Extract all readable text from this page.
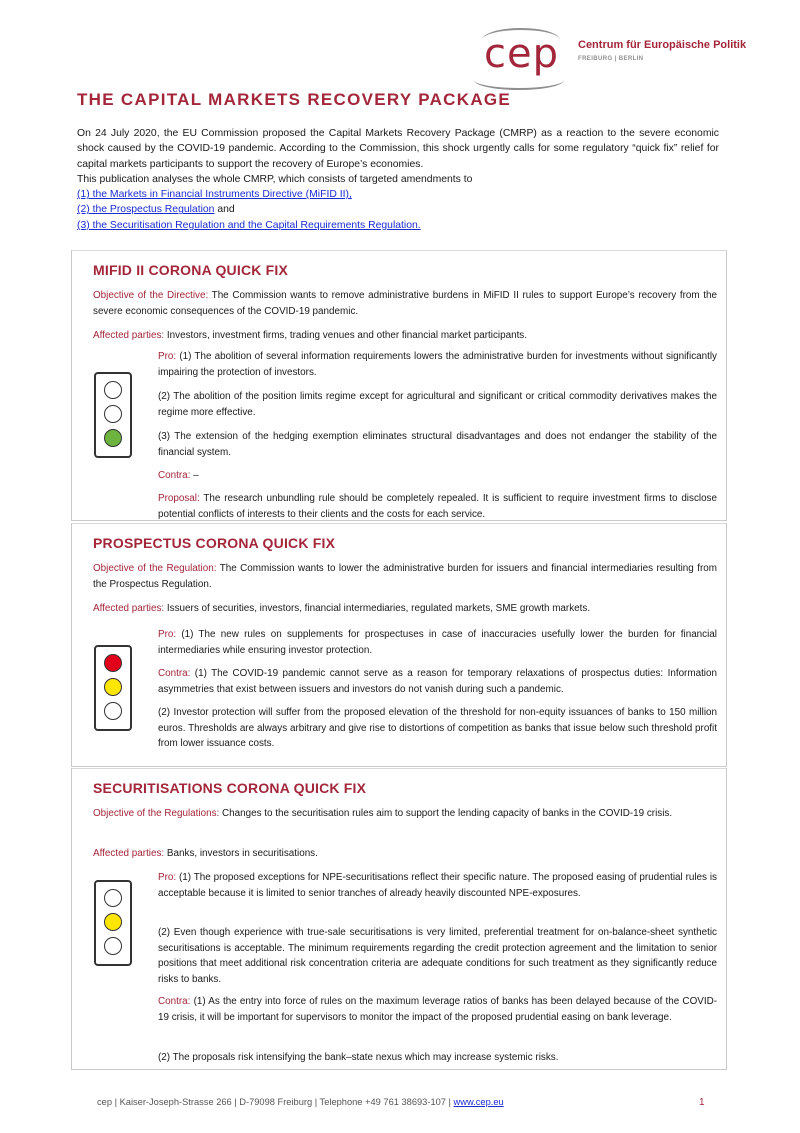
cep Centrum für Europäische Politik
FREIBURG | BERLIN
THE CAPITAL MARKETS RECOVERY PACKAGE

On 24 July 2020, the EU Commission proposed the Capital Markets Recovery Package (CMRP) as a reaction to the severe economic shock caused by the COVID-19 pandemic. According to the Commission, this shock urgently calls for some regulatory “quick fix” relief for capital markets participants to support the recovery of Europe’s economies.

This publication analyses the whole CMRP, which consists of targeted amendments to

(1) the Markets in Financial Instruments Directive (MiFID II),

(2) the Prospectus Regulation and

(3) the Securitisation Regulation and the Capital Requirements Regulation.

MIFID II CORONA QUICK FIX

Objective of the Directive: The Commission wants to remove administrative burdens in MiFID II rules to support Europe’s recovery from the severe economic consequences of the COVID-19 pandemic.

Affected parties: Investors, investment firms, trading venues and other financial market participants.

Pro: (1) The abolition of several information requirements lowers the administrative burden for investments without significantly impairing the protection of investors.

(2) The abolition of the position limits regime except for agricultural and significant or critical commodity derivatives makes the regime more effective.

(3) The extension of the hedging exemption eliminates structural disadvantages and does not endanger the stability of the financial system.

Contra: –

Proposal: The research unbundling rule should be completely repealed. It is sufficient to require investment firms to disclose potential conflicts of interests to their clients and the costs for each service.

PROSPECTUS CORONA QUICK FIX

Objective of the Regulation: The Commission wants to lower the administrative burden for issuers and financial intermediaries resulting from the Prospectus Regulation.

Affected parties: Issuers of securities, investors, financial intermediaries, regulated markets, SME growth markets.

Pro: (1) The new rules on supplements for prospectuses in case of inaccuracies usefully lower the burden for financial intermediaries while ensuring investor protection.

Contra: (1) The COVID-19 pandemic cannot serve as a reason for temporary relaxations of prospectus duties: Information asymmetries that exist between issuers and investors do not vanish during such a pandemic.

(2) Investor protection will suffer from the proposed elevation of the threshold for non-equity issuances of banks to 150 million euros. Thresholds are always arbitrary and give rise to distortions of competition as banks that issue below such threshold profit from lower issuance costs.

SECURITISATIONS CORONA QUICK FIX

Objective of the Regulations: Changes to the securitisation rules aim to support the lending capacity of banks in the COVID-19 crisis.

Affected parties: Banks, investors in securitisations.

Pro: (1) The proposed exceptions for NPE-securitisations reflect their specific nature. The proposed easing of prudential rules is acceptable because it is limited to senior tranches of already heavily discounted NPE-exposures.

(2) Even though experience with true-sale securitisations is very limited, preferential treatment for on-balance-sheet synthetic securitisations is acceptable. The minimum requirements regarding the credit protection agreement and the limitation to senior positions that meet additional risk concentration criteria are adequate conditions for such treatment as they significantly reduce risks to banks.

Contra: (1) As the entry into force of rules on the maximum leverage ratios of banks has been delayed because of the COVID-19 crisis, it will be important for supervisors to monitor the impact of the proposed prudential easing on bank leverage.

(2) The proposals risk intensifying the bank–state nexus which may increase systemic risks.

cep | Kaiser-Joseph-Strasse 266 | D-79098 Freiburg | Telephone +49 761 38693-107 | www.cep.eu	1
